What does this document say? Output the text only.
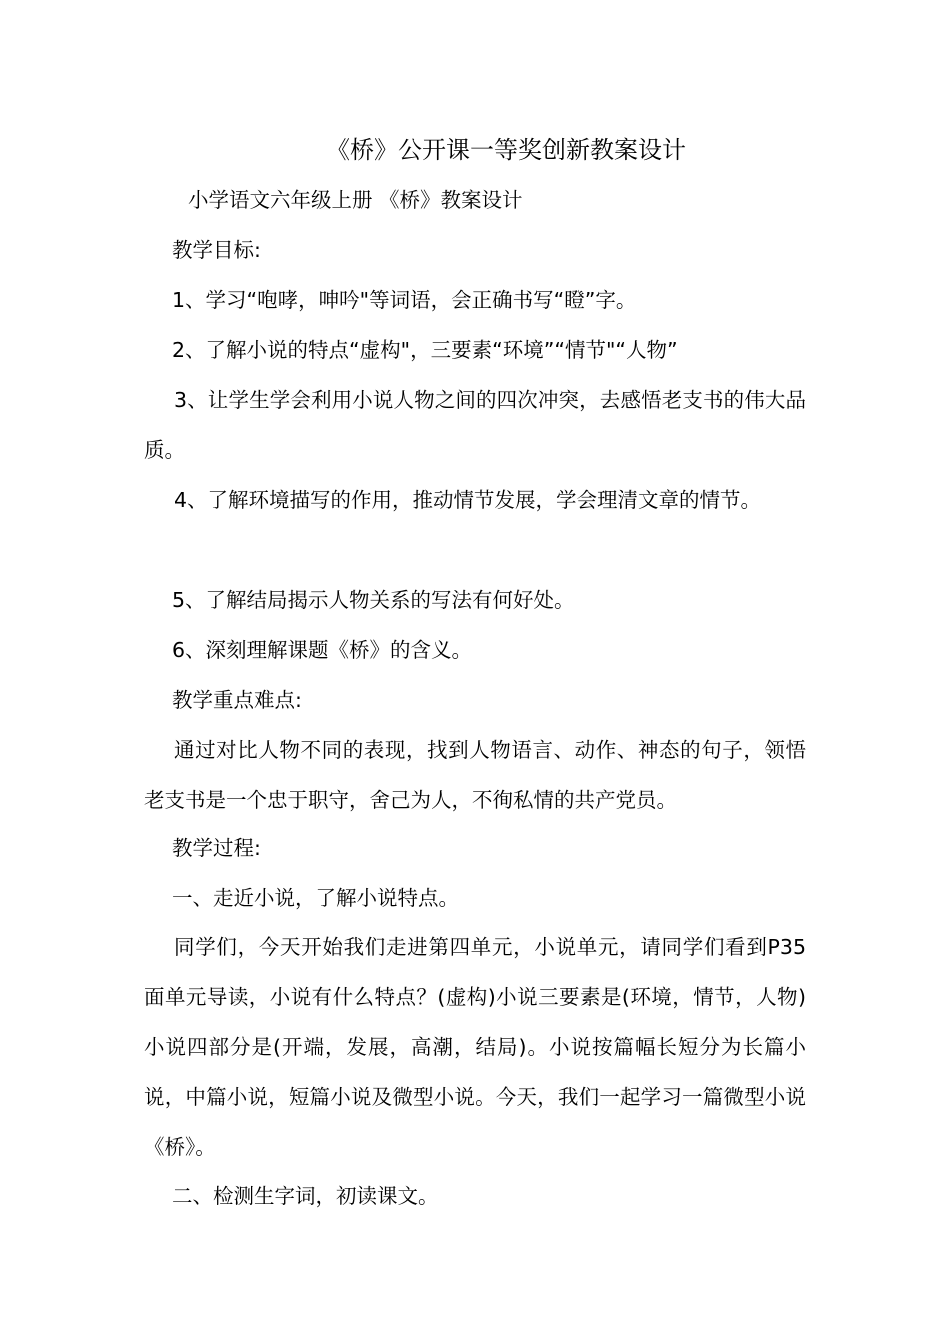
《桥》公开课一等奖创新教案设计
小学语文六年级上册 《桥》教案设计
教学目标:
1、学习“咆哮，呻吟"等词语，会正确书写“瞪”字。
2、了解小说的特点“虚构"，三要素“环境”“情节"“人物”
3、让学生学会利用小说人物之间的四次冲突，去感悟老支书的伟大品质。
4、了解环境描写的作用，推动情节发展，学会理清文章的情节。
5、了解结局揭示人物关系的写法有何好处。
6、深刻理解课题《桥》的含义。
教学重点难点:
通过对比人物不同的表现，找到人物语言、动作、神态的句子，领悟老支书是一个忠于职守，舍己为人，不徇私情的共产党员。
教学过程:
一、走近小说，了解小说特点。
同学们，今天开始我们走进第四单元，小说单元，请同学们看到P35面单元导读，小说有什么特点？(虚构)小说三要素是(环境，情节，人物)小说四部分是(开端，发展，高潮，结局)。小说按篇幅长短分为长篇小说，中篇小说，短篇小说及微型小说。今天，我们一起学习一篇微型小说《桥》。
二、检测生字词，初读课文。
